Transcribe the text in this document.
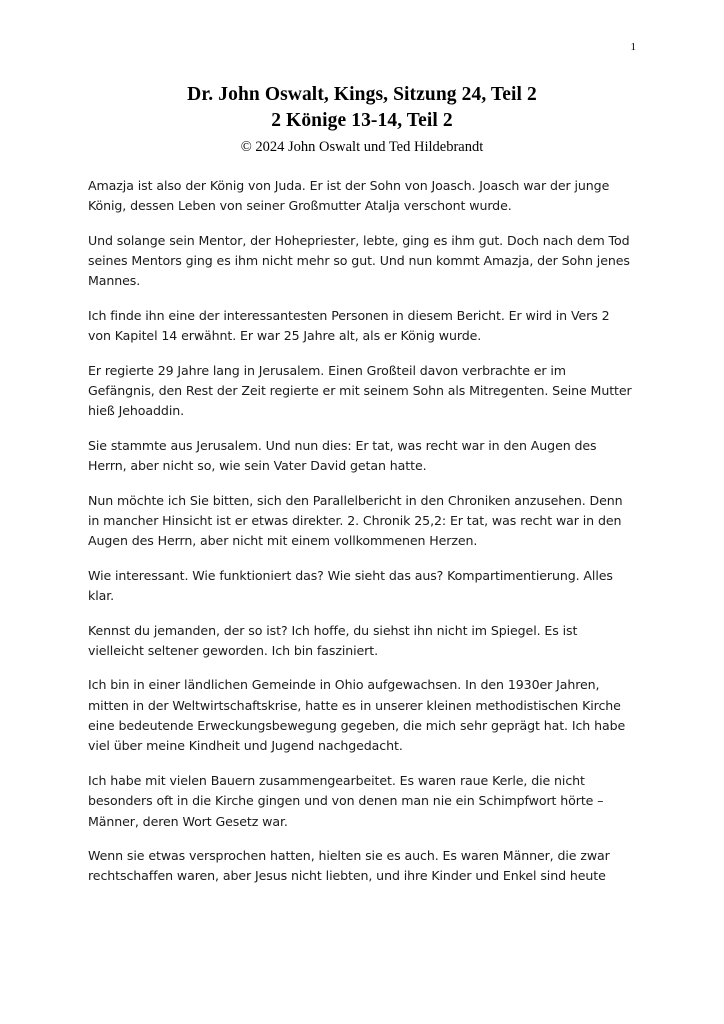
1
Dr. John Oswalt, Kings, Sitzung 24, Teil 2
2 Könige 13-14, Teil 2
© 2024 John Oswalt und Ted Hildebrandt

Amazja ist also der König von Juda. Er ist der Sohn von Joasch. Joasch war der junge König, dessen Leben von seiner Großmutter Atalja verschont wurde.

Und solange sein Mentor, der Hohepriester, lebte, ging es ihm gut. Doch nach dem Tod seines Mentors ging es ihm nicht mehr so gut. Und nun kommt Amazja, der Sohn jenes Mannes.

Ich finde ihn eine der interessantesten Personen in diesem Bericht. Er wird in Vers 2 von Kapitel 14 erwähnt. Er war 25 Jahre alt, als er König wurde.

Er regierte 29 Jahre lang in Jerusalem. Einen Großteil davon verbrachte er im Gefängnis, den Rest der Zeit regierte er mit seinem Sohn als Mitregenten. Seine Mutter hieß Jehoaddin.

Sie stammte aus Jerusalem. Und nun dies: Er tat, was recht war in den Augen des Herrn, aber nicht so, wie sein Vater David getan hatte.

Nun möchte ich Sie bitten, sich den Parallelbericht in den Chroniken anzusehen. Denn in mancher Hinsicht ist er etwas direkter. 2. Chronik 25,2: Er tat, was recht war in den Augen des Herrn, aber nicht mit einem vollkommenen Herzen.

Wie interessant. Wie funktioniert das? Wie sieht das aus? Kompartimentierung. Alles klar.

Kennst du jemanden, der so ist? Ich hoffe, du siehst ihn nicht im Spiegel. Es ist vielleicht seltener geworden. Ich bin fasziniert.

Ich bin in einer ländlichen Gemeinde in Ohio aufgewachsen. In den 1930er Jahren, mitten in der Weltwirtschaftskrise, hatte es in unserer kleinen methodistischen Kirche eine bedeutende Erweckungsbewegung gegeben, die mich sehr geprägt hat. Ich habe viel über meine Kindheit und Jugend nachgedacht.

Ich habe mit vielen Bauern zusammengearbeitet. Es waren raue Kerle, die nicht besonders oft in die Kirche gingen und von denen man nie ein Schimpfwort hörte – Männer, deren Wort Gesetz war.

Wenn sie etwas versprochen hatten, hielten sie es auch. Es waren Männer, die zwar rechtschaffen waren, aber Jesus nicht liebten, und ihre Kinder und Enkel sind heute
